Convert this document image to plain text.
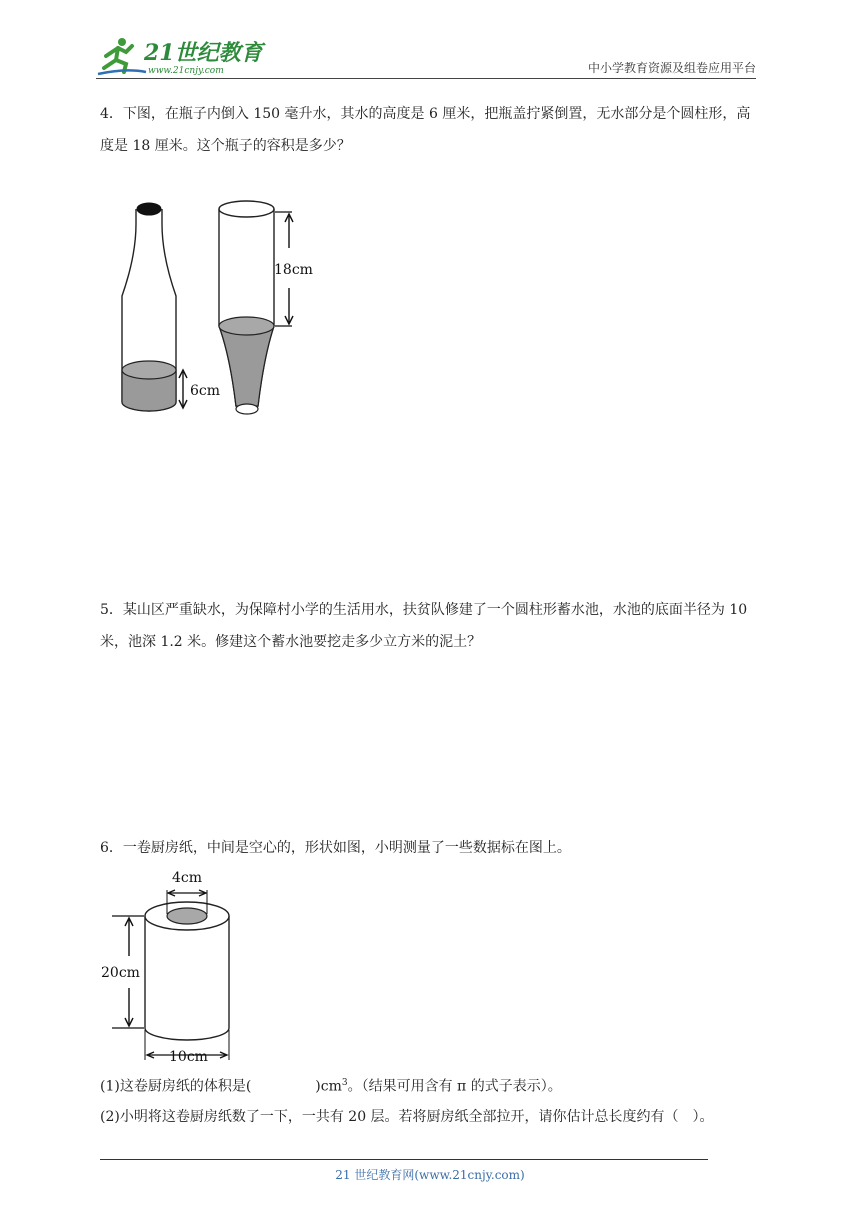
21世纪教育
www.21cnjy.com	中小学教育资源及组卷应用平台
4．下图，在瓶子内倒入 150 毫升水，其水的高度是 6 厘米，把瓶盖拧紧倒置，无水部分是个圆柱形，高度是 18 厘米。这个瓶子的容积是多少？
6cm
18cm
5．某山区严重缺水，为保障村小学的生活用水，扶贫队修建了一个圆柱形蓄水池，水池的底面半径为 10 米，池深 1.2 米。修建这个蓄水池要挖走多少立方米的泥土？
6．一卷厨房纸，中间是空心的，形状如图，小明测量了一些数据标在图上。
4cm
20cm
10cm
(1)这卷厨房纸的体积是(	)$cm^3$。（结果可用含有 π 的式子表示）。
(2)小明将这卷厨房纸数了一下，一共有 20 层。若将厨房纸全部拉开，请你估计总长度约有（　）。
21 世纪教育网(www.21cnjy.com)
